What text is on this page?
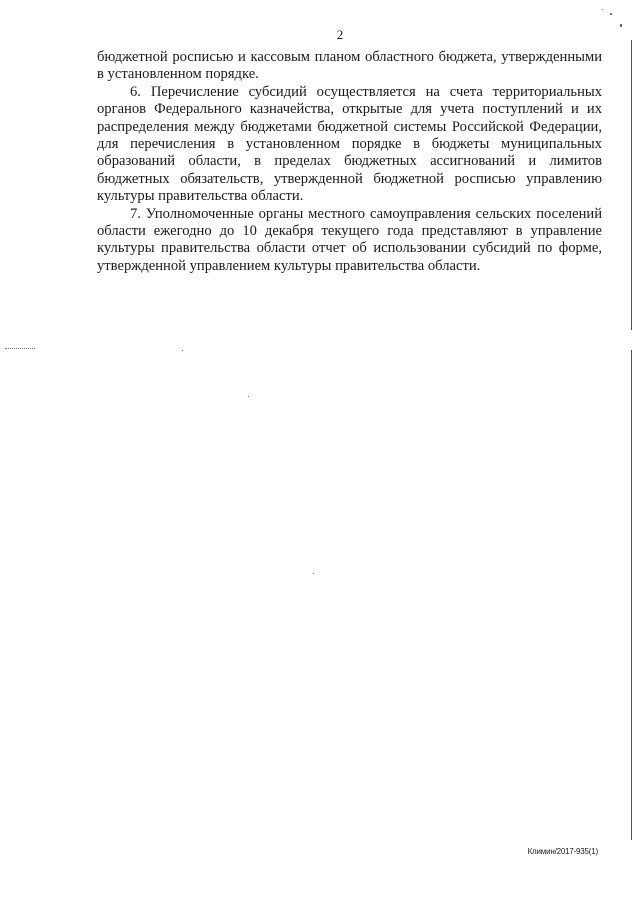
2

бюджетной росписью и кассовым планом областного бюджета, утвержденными в установленном порядке.

6. Перечисление субсидий осуществляется на счета территориальных органов Федерального казначейства, открытые для учета поступлений и их распределения между бюджетами бюджетной системы Российской Федерации, для перечисления в установленном порядке в бюджеты муниципальных образований области, в пределах бюджетных ассигнований и лимитов бюджетных обязательств, утвержденной бюджетной росписью управлению культуры правительства области.

7. Уполномоченные органы местного самоуправления сельских поселений области ежегодно до 10 декабря текущего года представляют в управление культуры правительства области отчет об использовании субсидий по форме, утвержденной управлением культуры правительства области.

Климин/2017-935(1)
